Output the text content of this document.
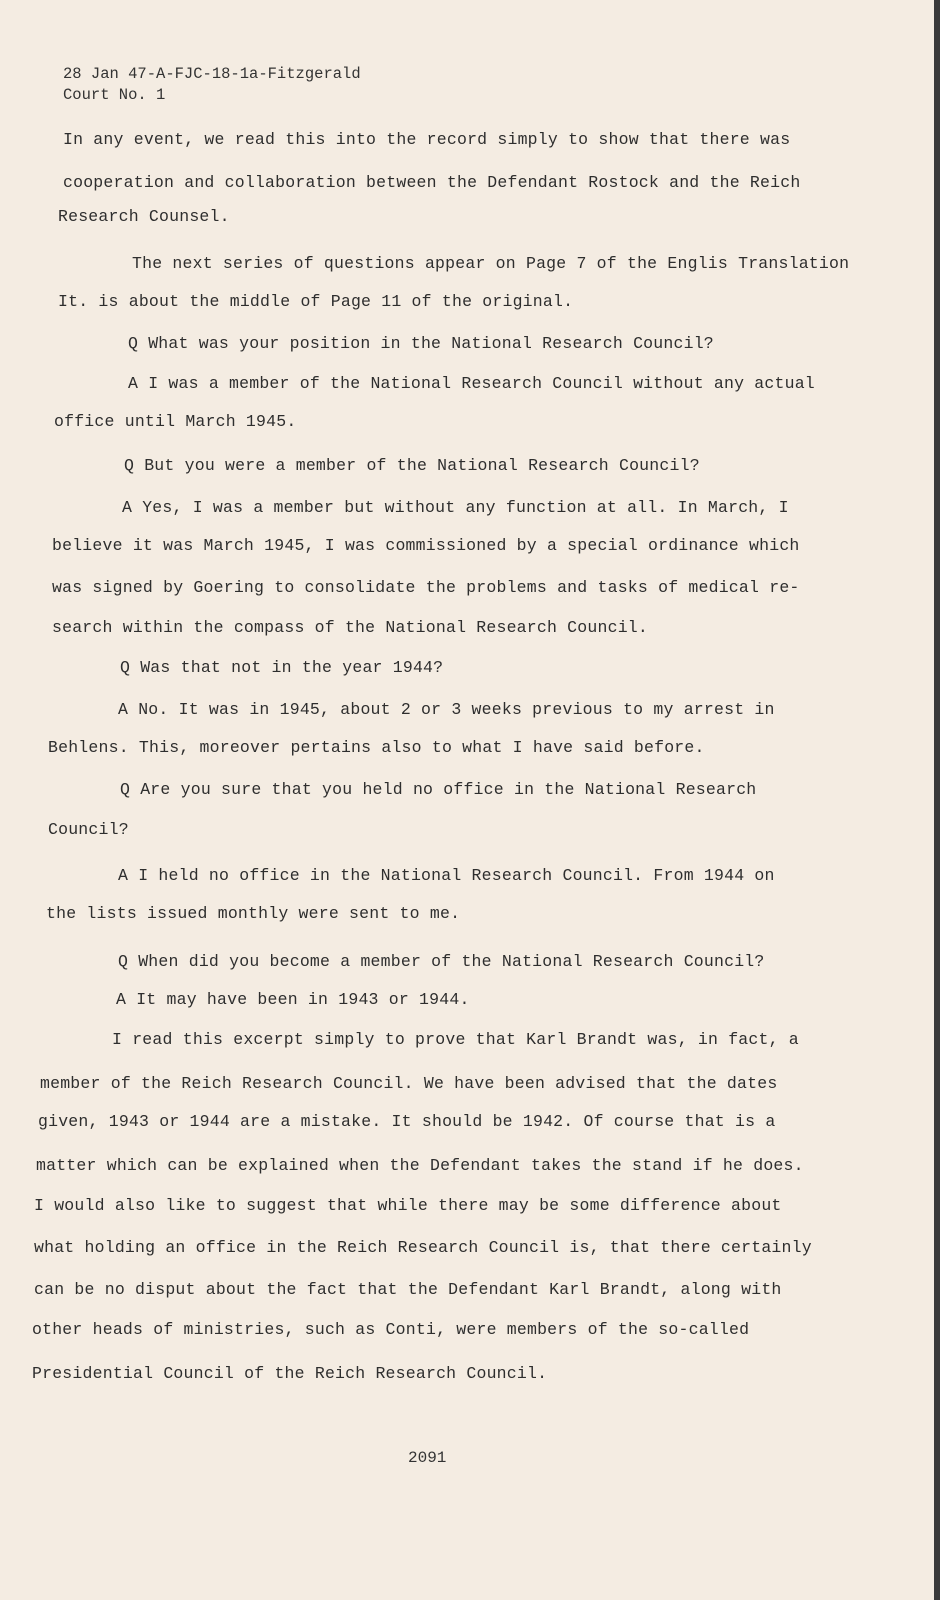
28 Jan 47-A-FJC-18-1a-Fitzgerald
Court No. 1
In any event, we read this into the record simply to show that there was
cooperation and collaboration between the Defendant Rostock and the Reich
Research Counsel.
The next series of questions appear on Page 7 of the Englis Translation
It. is about the middle of Page 11 of the original.
Q What was your position in the National Research Council?
A I was a member of the National Research Council without any actual
office until March 1945.
Q But you were a member of the National Research Council?
A Yes, I was a member but without any function at all. In March, I
believe it was March 1945, I was commissioned by a special ordinance which
was signed by Goering to consolidate the problems and tasks of medical re-
search within the compass of the National Research Council.
Q Was that not in the year 1944?
A No. It was in 1945, about 2 or 3 weeks previous to my arrest in
Behlens. This, moreover pertains also to what I have said before.
Q Are you sure that you held no office in the National Research
Council?
A I held no office in the National Research Council. From 1944 on
the lists issued monthly were sent to me.
Q When did you become a member of the National Research Council?
A It may have been in 1943 or 1944.
I read this excerpt simply to prove that Karl Brandt was, in fact, a
member of the Reich Research Council. We have been advised that the dates
given, 1943 or 1944 are a mistake. It should be 1942. Of course that is a
matter which can be explained when the Defendant takes the stand if he does.
I would also like to suggest that while there may be some difference about
what holding an office in the Reich Research Council is, that there certainly
can be no disput about the fact that the Defendant Karl Brandt, along with
other heads of ministries, such as Conti, were members of the so-called
Presidential Council of the Reich Research Council.
2091
